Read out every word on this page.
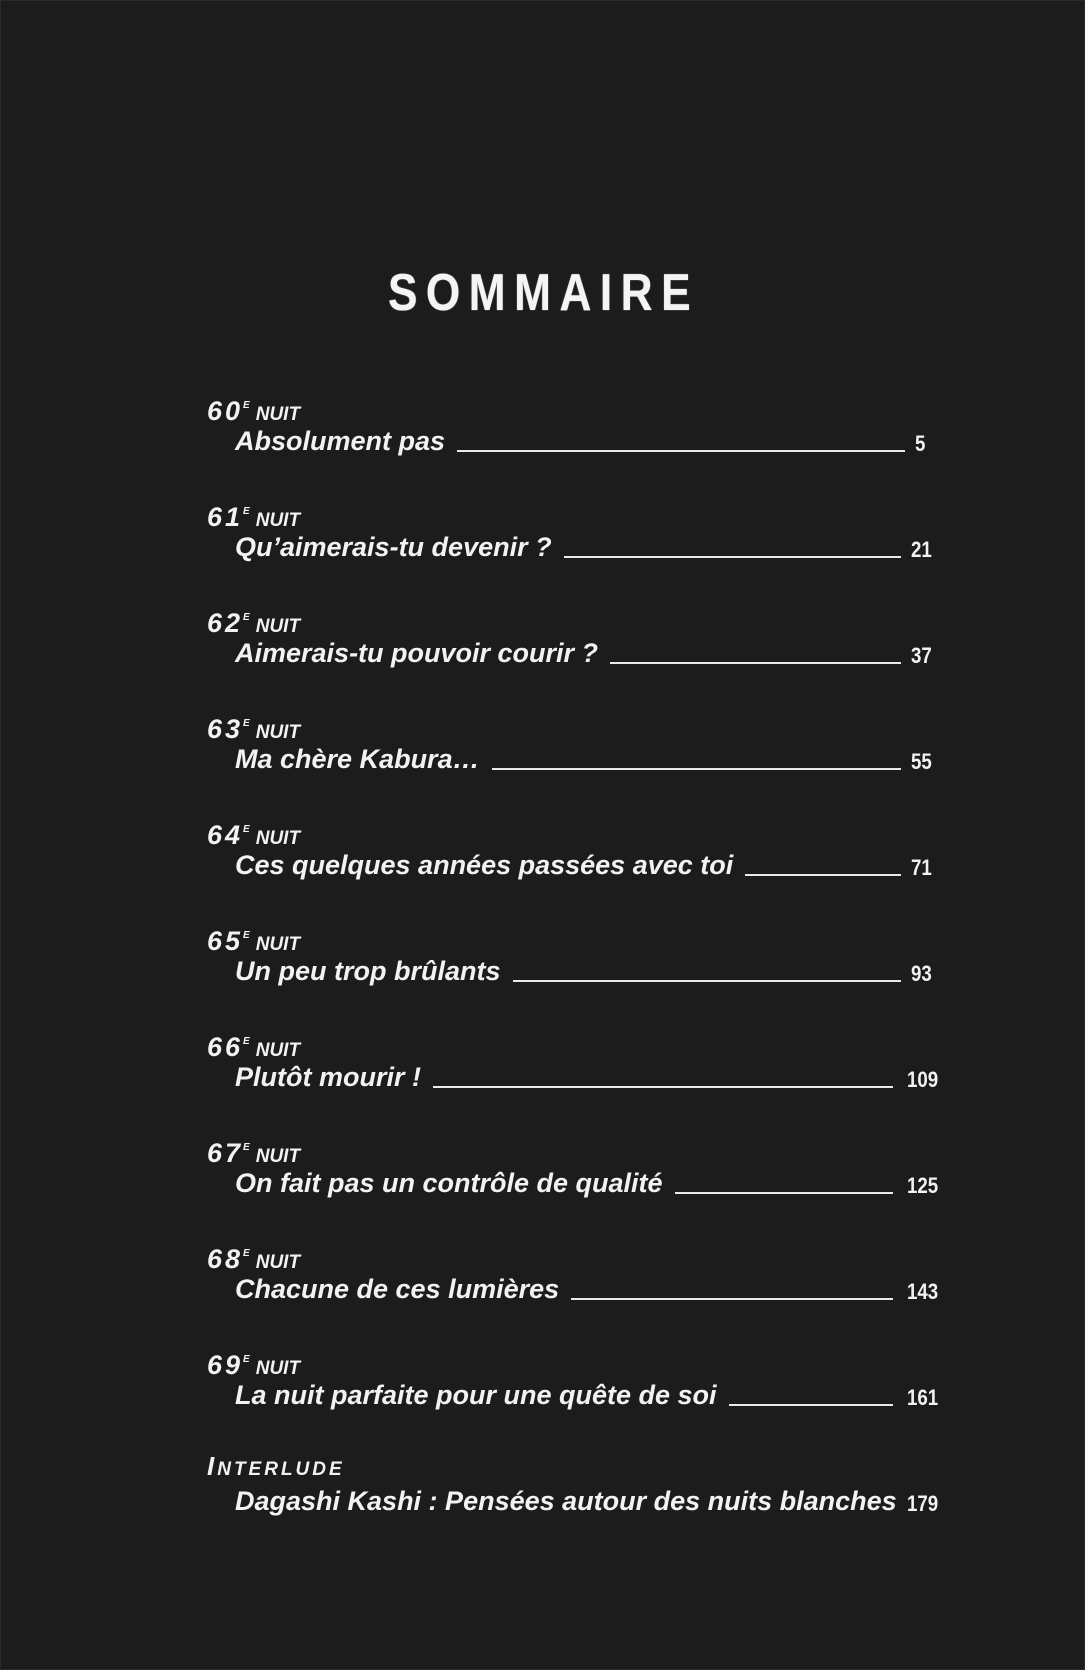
SOMMAIRE
$60^E$ NUIT
Absolument pas	5
$61^E$ NUIT
Qu’aimerais-tu devenir ?	21
$62^E$ NUIT
Aimerais-tu pouvoir courir ?	37
$63^E$ NUIT
Ma chère Kabura…	55
$64^E$ NUIT
Ces quelques années passées avec toi	71
$65^E$ NUIT
Un peu trop brûlants	93
$66^E$ NUIT
Plutôt mourir !	109
$67^E$ NUIT
On fait pas un contrôle de qualité	125
$68^E$ NUIT
Chacune de ces lumières	143
$69^E$ NUIT
La nuit parfaite pour une quête de soi	161
INTERLUDE
Dagashi Kashi : Pensées autour des nuits blanches 179
